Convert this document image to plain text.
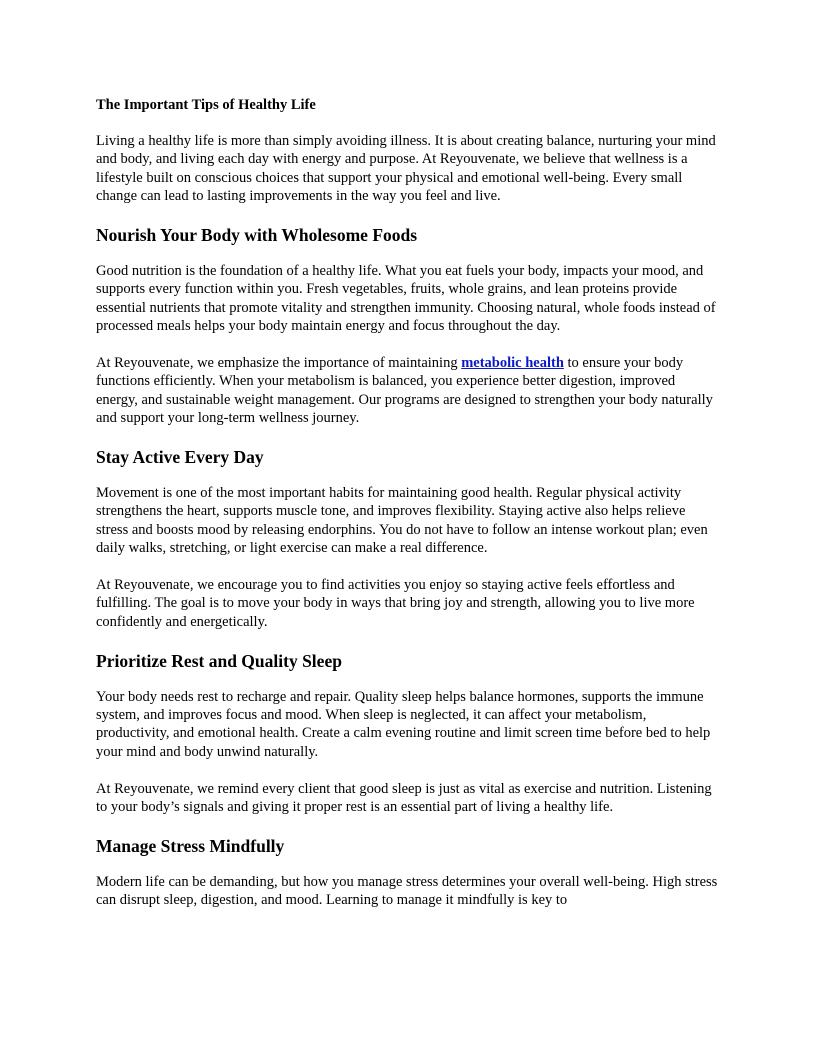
The Important Tips of Healthy Life

Living a healthy life is more than simply avoiding illness. It is about creating balance, nurturing your mind and body, and living each day with energy and purpose. At Reyouvenate, we believe that wellness is a lifestyle built on conscious choices that support your physical and emotional well-being. Every small change can lead to lasting improvements in the way you feel and live.

Nourish Your Body with Wholesome Foods

Good nutrition is the foundation of a healthy life. What you eat fuels your body, impacts your mood, and supports every function within you. Fresh vegetables, fruits, whole grains, and lean proteins provide essential nutrients that promote vitality and strengthen immunity. Choosing natural, whole foods instead of processed meals helps your body maintain energy and focus throughout the day.

At Reyouvenate, we emphasize the importance of maintaining metabolic health to ensure your body functions efficiently. When your metabolism is balanced, you experience better digestion, improved energy, and sustainable weight management. Our programs are designed to strengthen your body naturally and support your long-term wellness journey.

Stay Active Every Day

Movement is one of the most important habits for maintaining good health. Regular physical activity strengthens the heart, supports muscle tone, and improves flexibility. Staying active also helps relieve stress and boosts mood by releasing endorphins. You do not have to follow an intense workout plan; even daily walks, stretching, or light exercise can make a real difference.

At Reyouvenate, we encourage you to find activities you enjoy so staying active feels effortless and fulfilling. The goal is to move your body in ways that bring joy and strength, allowing you to live more confidently and energetically.

Prioritize Rest and Quality Sleep

Your body needs rest to recharge and repair. Quality sleep helps balance hormones, supports the immune system, and improves focus and mood. When sleep is neglected, it can affect your metabolism, productivity, and emotional health. Create a calm evening routine and limit screen time before bed to help your mind and body unwind naturally.

At Reyouvenate, we remind every client that good sleep is just as vital as exercise and nutrition. Listening to your body’s signals and giving it proper rest is an essential part of living a healthy life.

Manage Stress Mindfully

Modern life can be demanding, but how you manage stress determines your overall well-being. High stress can disrupt sleep, digestion, and mood. Learning to manage it mindfully is key to
